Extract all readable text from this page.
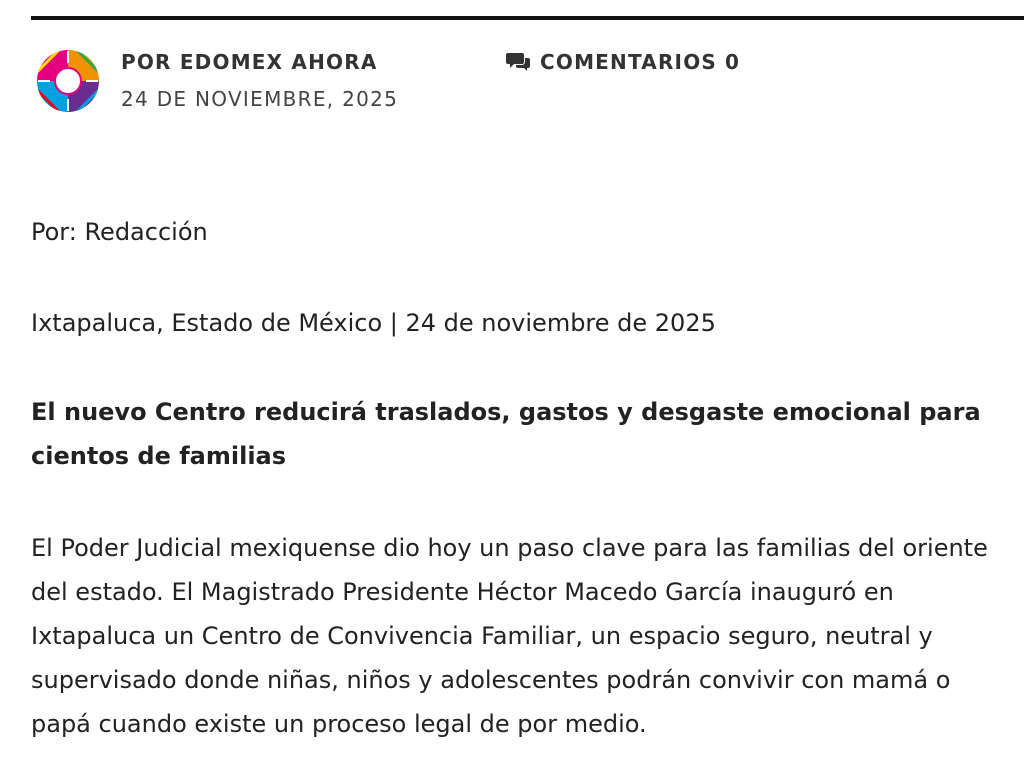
POR EDOMEX AHORA
24 DE NOVIEMBRE, 2025
COMENTARIOS 0

Por: Redacción

Ixtapaluca, Estado de México | 24 de noviembre de 2025

El nuevo Centro reducirá traslados, gastos y desgaste emocional para cientos de familias

El Poder Judicial mexiquense dio hoy un paso clave para las familias del oriente del estado. El Magistrado Presidente Héctor Macedo García inauguró en Ixtapaluca un Centro de Convivencia Familiar, un espacio seguro, neutral y supervisado donde niñas, niños y adolescentes podrán convivir con mamá o papá cuando existe un proceso legal de por medio.
